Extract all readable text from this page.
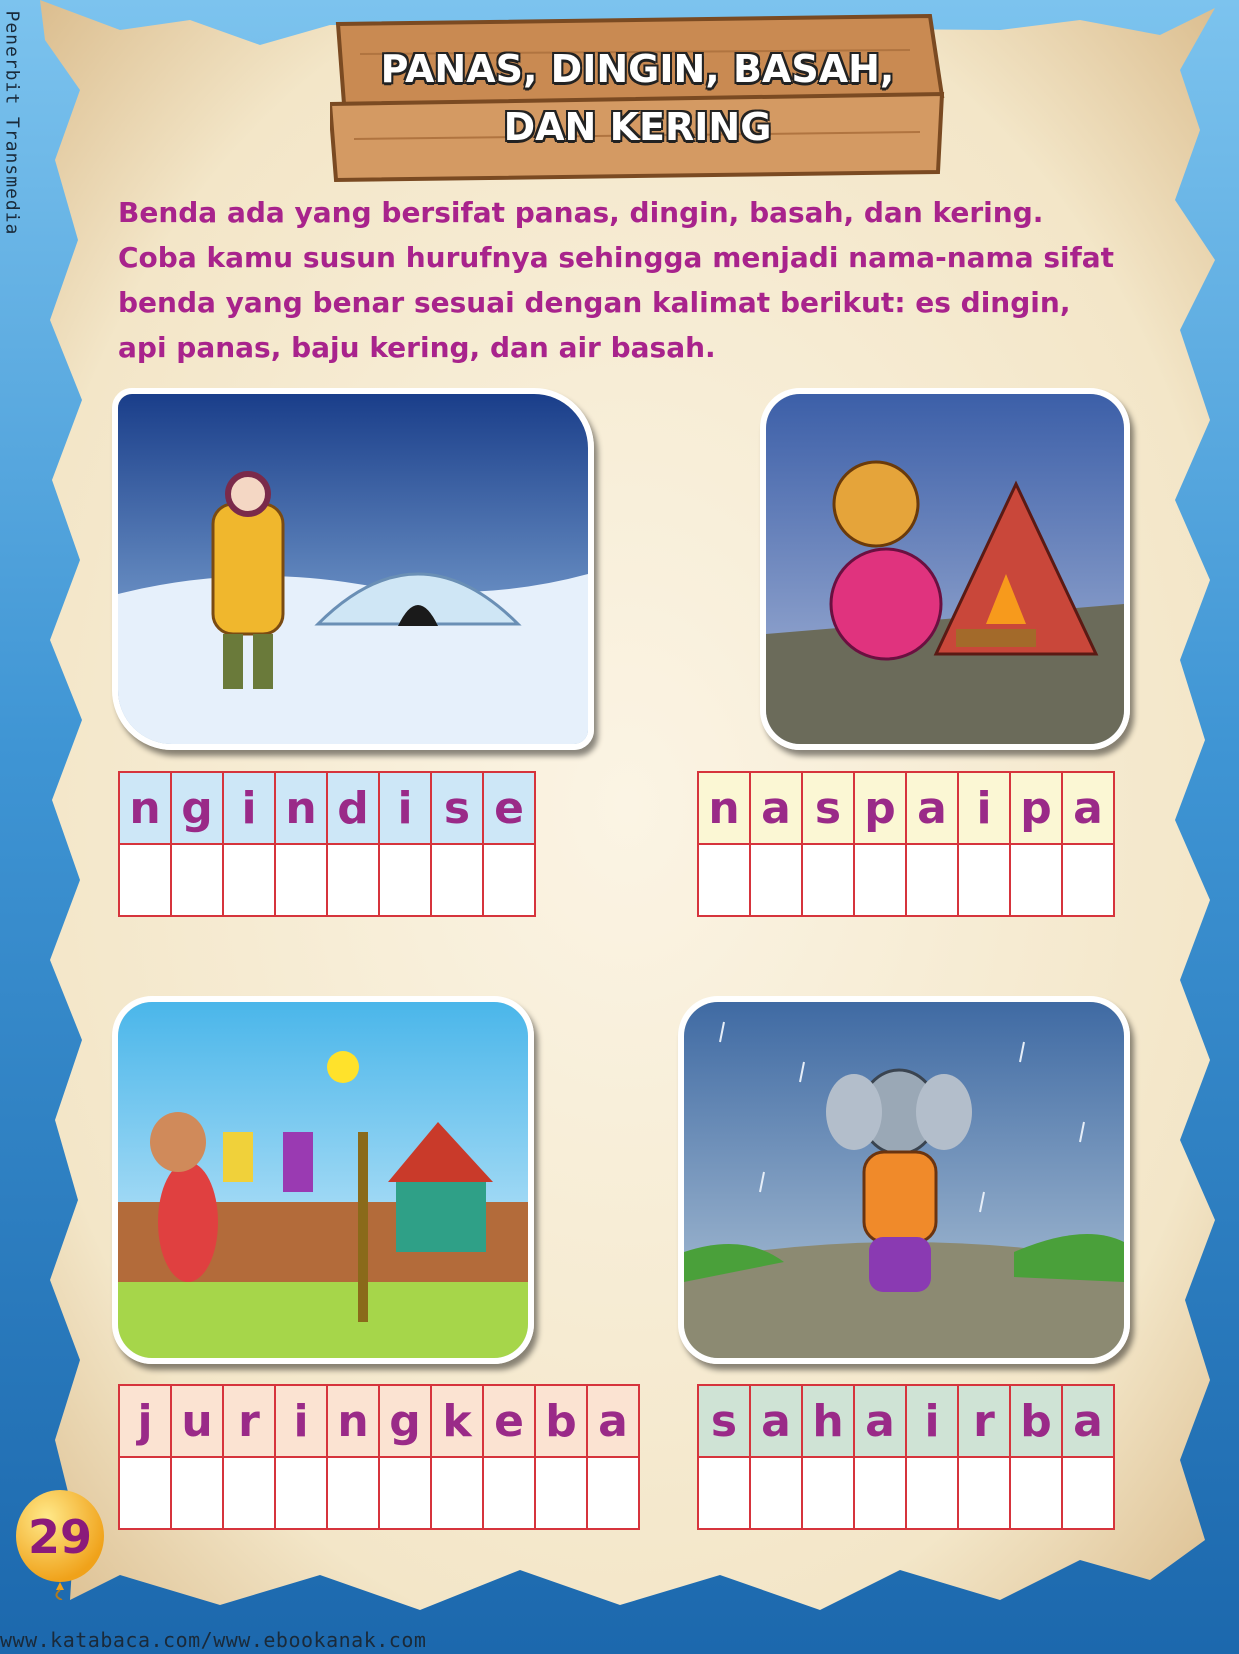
Penerbit Transmedia	PANAS, DINGIN, BASAH,
DAN KERING
Benda ada yang bersifat panas, dingin, basah, dan kering. Coba kamu susun hurufnya sehingga menjadi nama-nama sifat benda yang benar sesuai dengan kalimat berikut: es dingin, api panas, baju kering, dan air basah.
n	g	i	n	d	i	s	e
								n	a	s	p	a	i	p	a

j	u	r	i	n	g	k	e	b	a
									s	a	h	a	i	r	b	a

29
www.katabaca.com/www.ebookanak.com
